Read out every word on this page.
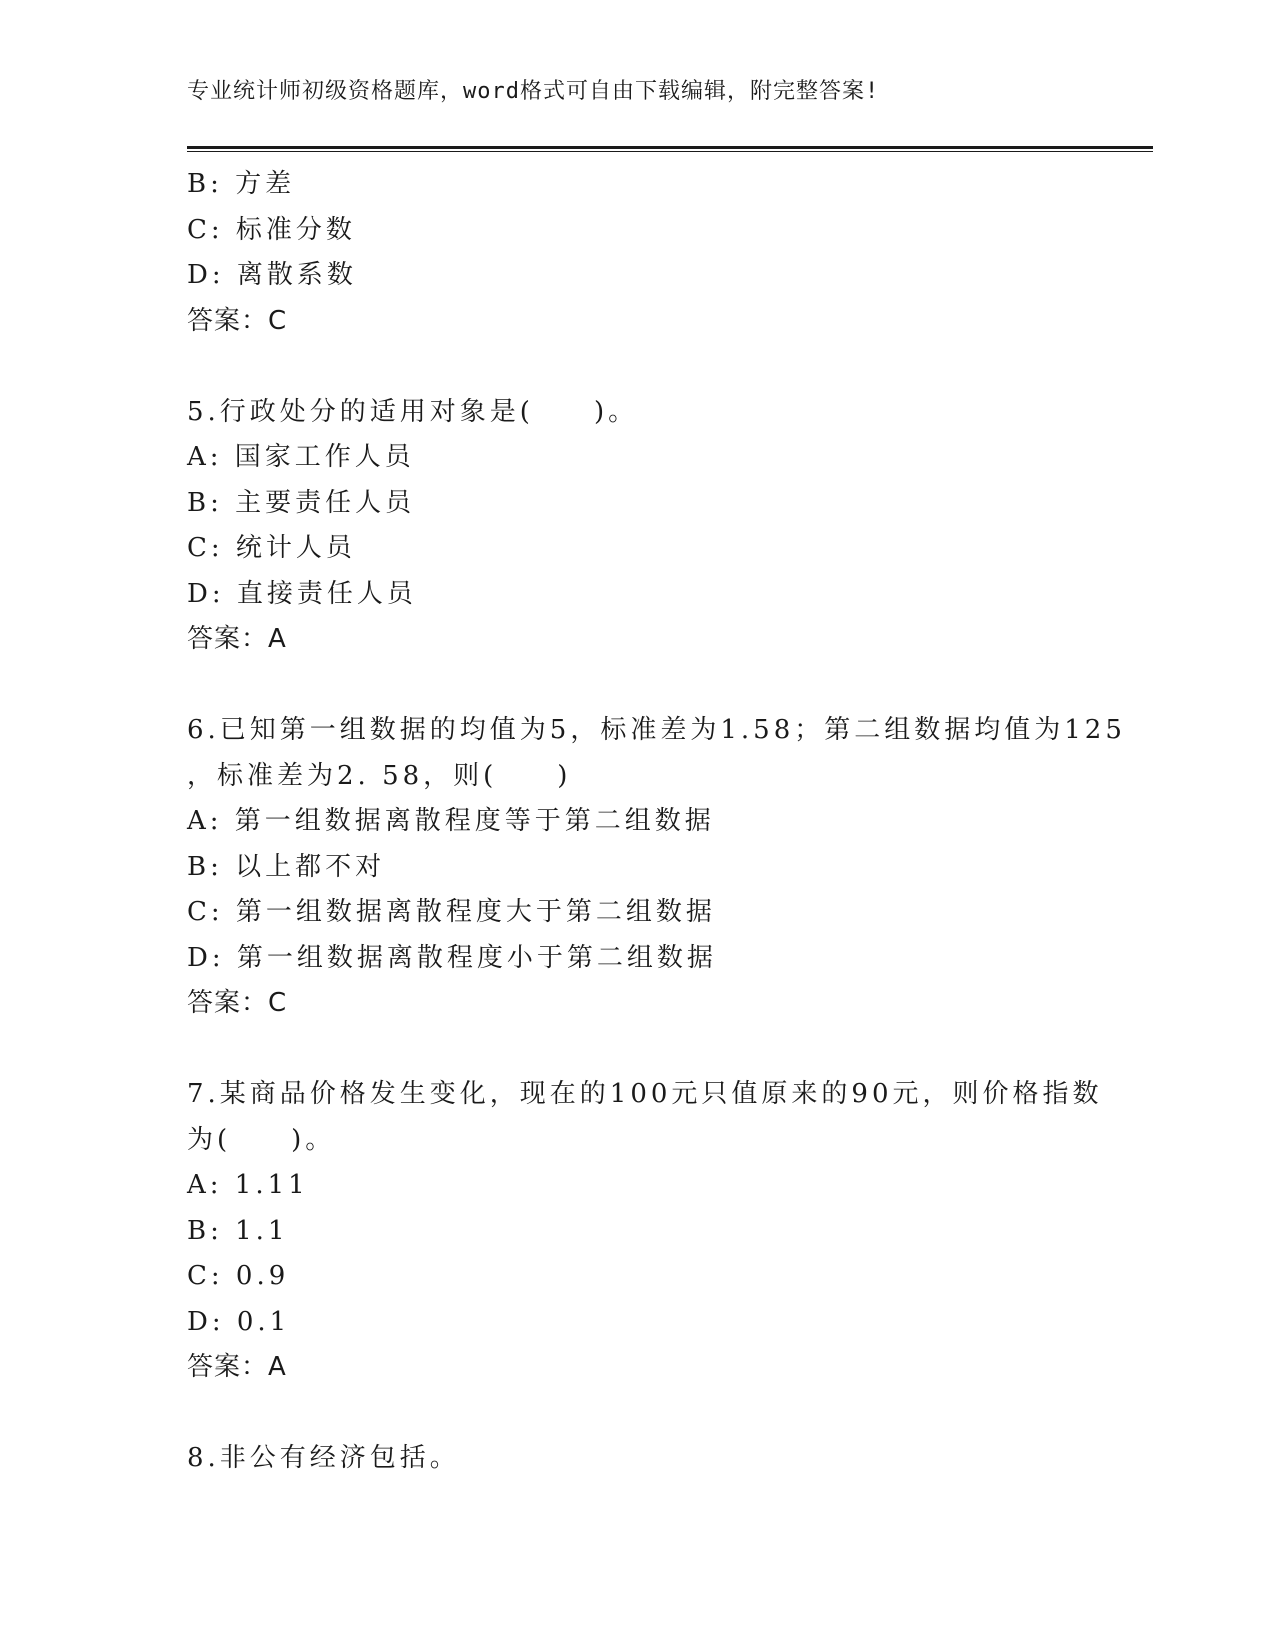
专业统计师初级资格题库，word格式可自由下载编辑，附完整答案!
B: 方差
C: 标准分数
D: 离散系数
答案：C
5.行政处分的适用对象是(　　)。
A: 国家工作人员
B: 主要责任人员
C: 统计人员
D: 直接责任人员
答案：A
6.已知第一组数据的均值为5，标准差为1.58；第二组数据均值为125
，标准差为2. 58，则(　　)
A: 第一组数据离散程度等于第二组数据
B: 以上都不对
C: 第一组数据离散程度大于第二组数据
D: 第一组数据离散程度小于第二组数据
答案：C
7.某商品价格发生变化，现在的100元只值原来的90元，则价格指数
为(　　)。
A: 1.11
B: 1.1
C: 0.9
D: 0.1
答案：A
8.非公有经济包括。
